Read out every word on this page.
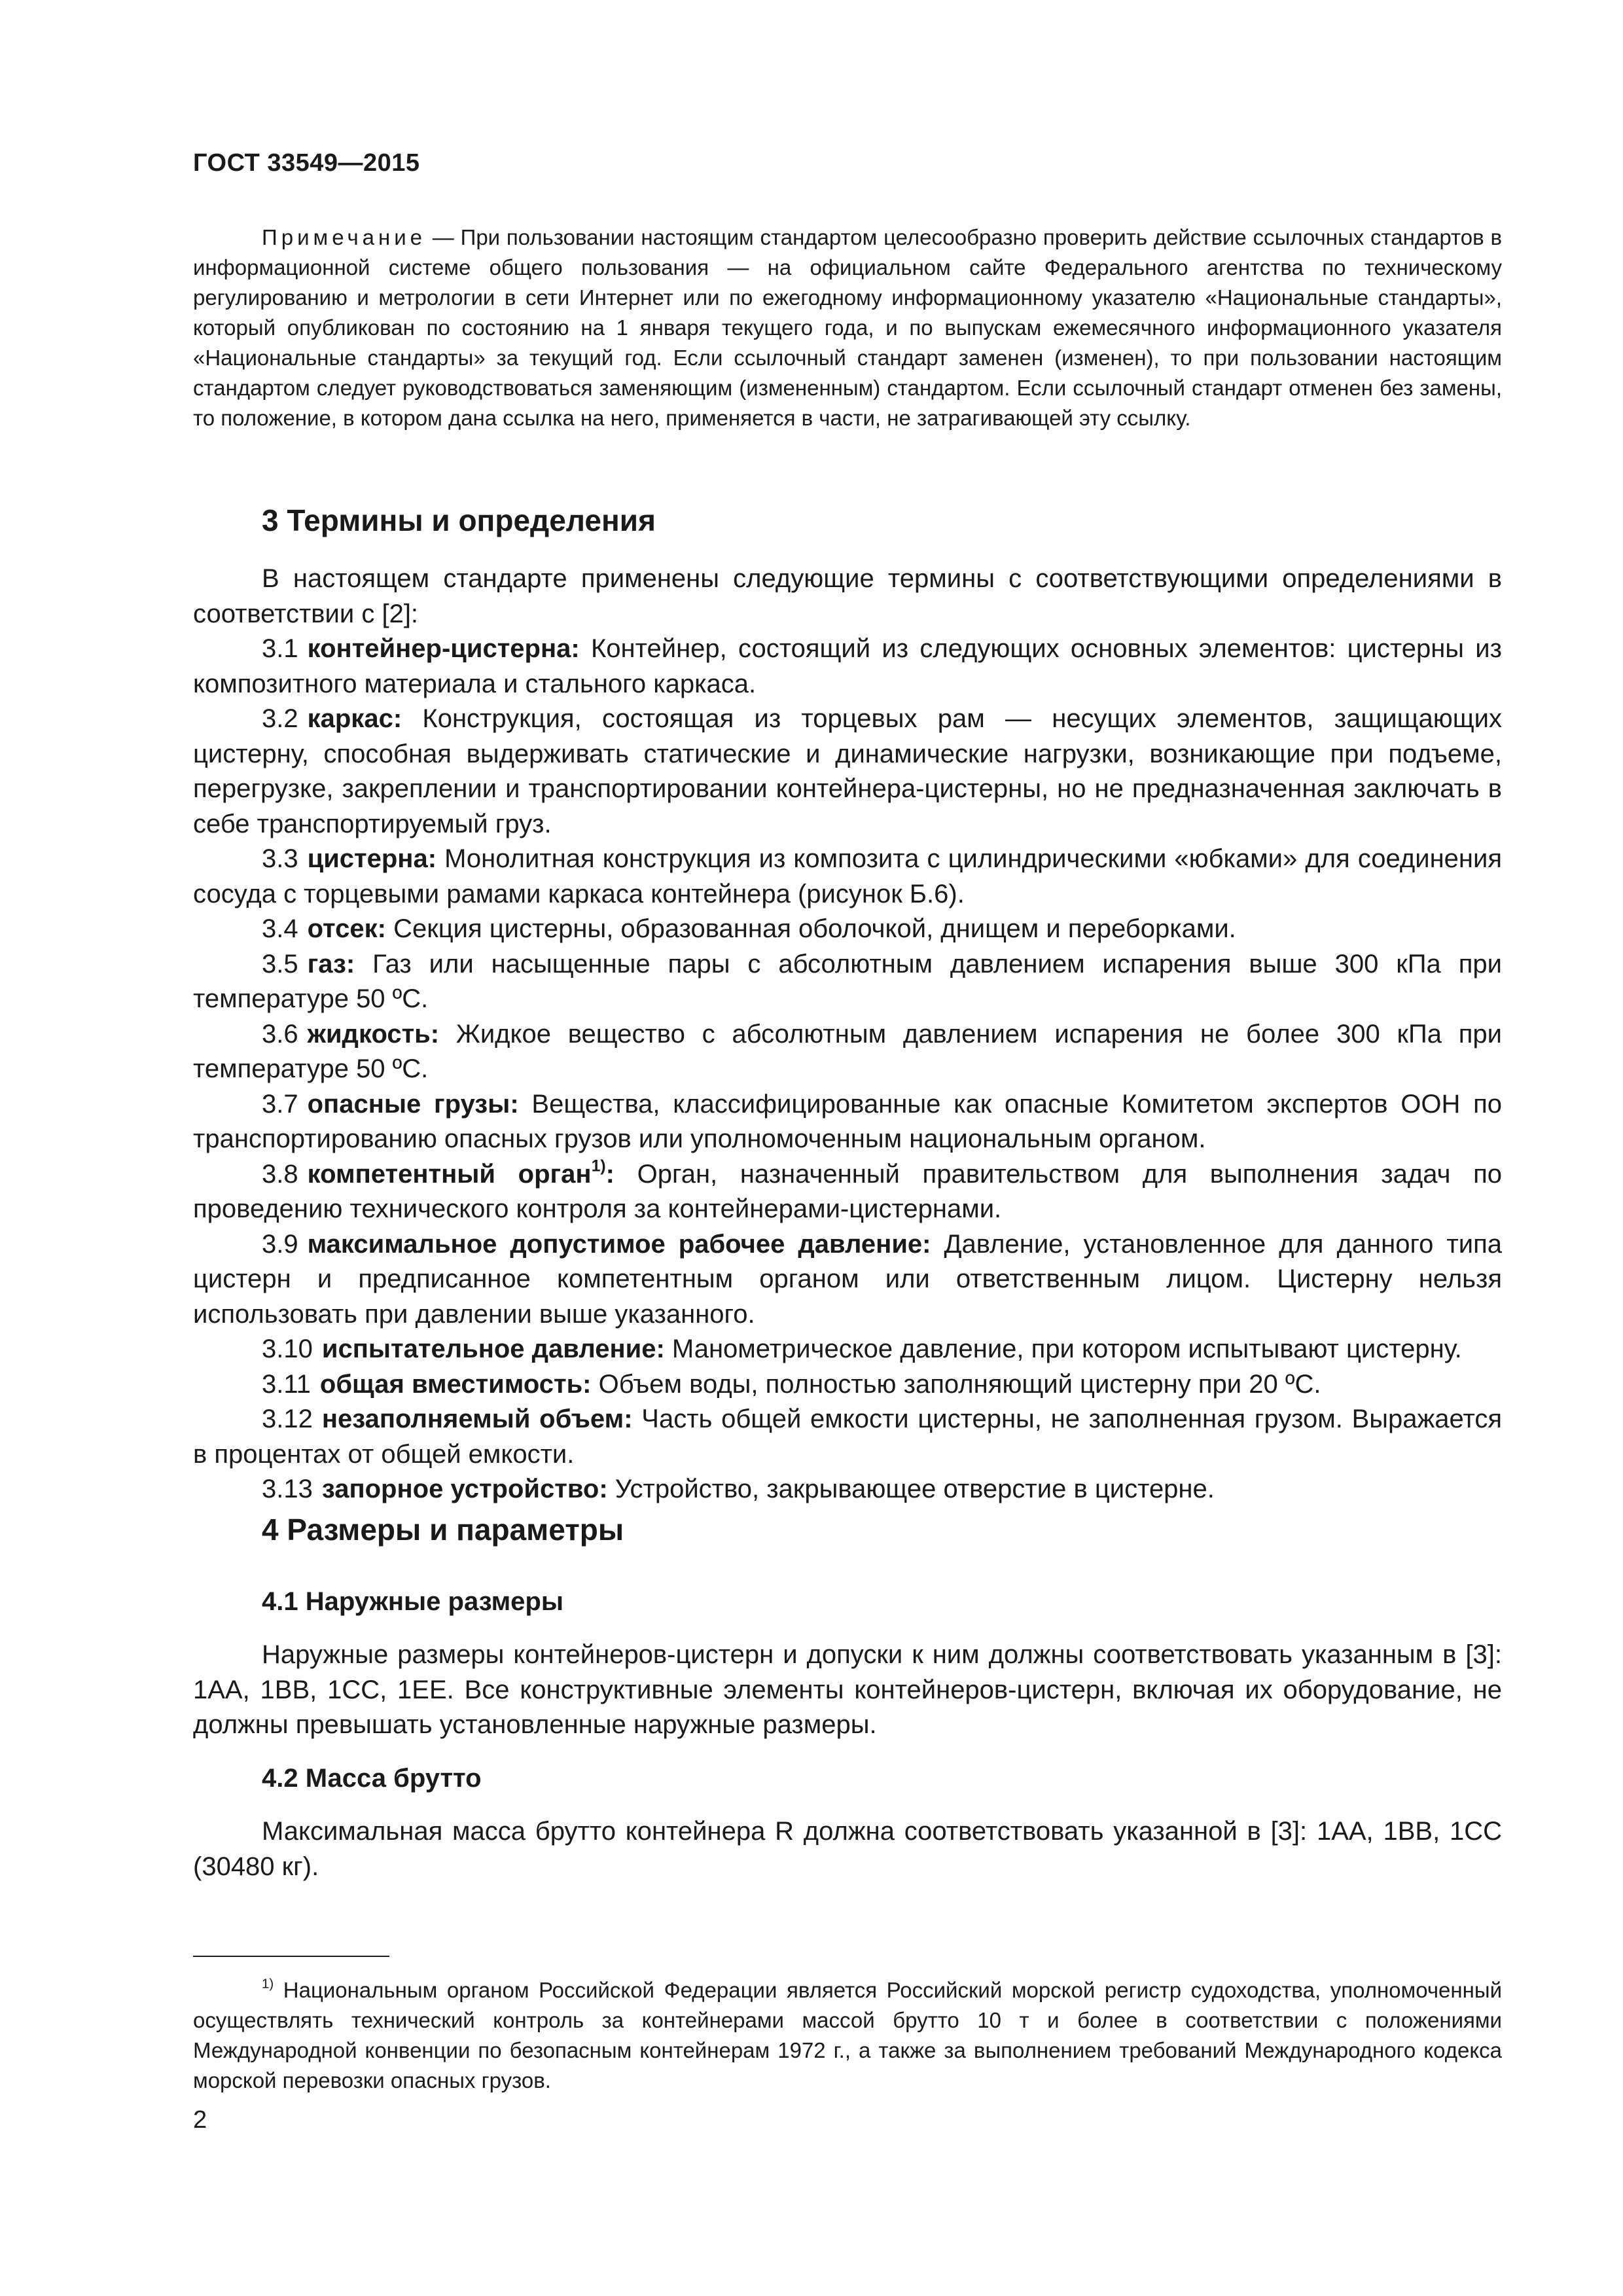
ГОСТ 33549—2015
Примечание — При пользовании настоящим стандартом целесообразно проверить действие ссылочных стандартов в информационной системе общего пользования — на официальном сайте Федерального агентства по техническому регулированию и метрологии в сети Интернет или по ежегодному информационному указателю «Национальные стандарты», который опубликован по состоянию на 1 января текущего года, и по выпускам ежемесячного информационного указателя «Национальные стандарты» за текущий год. Если ссылочный стандарт заменен (изменен), то при пользовании настоящим стандартом следует руководствоваться заменяющим (измененным) стандартом. Если ссылочный стандарт отменен без замены, то положение, в котором дана ссылка на него, применяется в части, не затрагивающей эту ссылку.
3 Термины и определения

В настоящем стандарте применены следующие термины с соответствующими определениями в соответствии с [2]:

3.1 контейнер-цистерна: Контейнер, состоящий из следующих основных элементов: цистерны из композитного материала и стального каркаса.

3.2 каркас: Конструкция, состоящая из торцевых рам — несущих элементов, защищающих цистерну, способная выдерживать статические и динамические нагрузки, возникающие при подъеме, перегрузке, закреплении и транспортировании контейнера-цистерны, но не предназначенная заключать в себе транспортируемый груз.

3.3 цистерна: Монолитная конструкция из композита с цилиндрическими «юбками» для соединения сосуда с торцевыми рамами каркаса контейнера (рисунок Б.6).

3.4 отсек: Секция цистерны, образованная оболочкой, днищем и переборками.

3.5 газ: Газ или насыщенные пары с абсолютным давлением испарения выше 300 кПа при температуре 50 ºС.

3.6 жидкость: Жидкое вещество с абсолютным давлением испарения не более 300 кПа при температуре 50 ºС.

3.7 опасные грузы: Вещества, классифицированные как опасные Комитетом экспертов ООН по транспортированию опасных грузов или уполномоченным национальным органом.

3.8 компетентный орган$^{1)}$: Орган, назначенный правительством для выполнения задач по проведению технического контроля за контейнерами-цистернами.

3.9 максимальное допустимое рабочее давление: Давление, установленное для данного типа цистерн и предписанное компетентным органом или ответственным лицом. Цистерну нельзя использовать при давлении выше указанного.

3.10 испытательное давление: Манометрическое давление, при котором испытывают цистерну.

3.11 общая вместимость: Объем воды, полностью заполняющий цистерну при 20 ºС.

3.12 незаполняемый объем: Часть общей емкости цистерны, не заполненная грузом. Выражается в процентах от общей емкости.

3.13 запорное устройство: Устройство, закрывающее отверстие в цистерне.

4 Размеры и параметры
4.1 Наружные размеры

Наружные размеры контейнеров-цистерн и допуски к ним должны соответствовать указанным в [3]: 1АА, 1ВВ, 1СС, 1ЕЕ. Все конструктивные элементы контейнеров-цистерн, включая их оборудование, не должны превышать установленные наружные размеры.

4.2 Масса брутто

Максимальная масса брутто контейнера R должна соответствовать указанной в [3]: 1АА, 1ВВ, 1СС (30480 кг).

$^{1)}$ Национальным органом Российской Федерации является Российский морской регистр судоходства, уполномоченный осуществлять технический контроль за контейнерами массой брутто 10 т и более в соответствии с положениями Международной конвенции по безопасным контейнерам 1972 г., а также за выполнением требований Международного кодекса морской перевозки опасных грузов.
2
